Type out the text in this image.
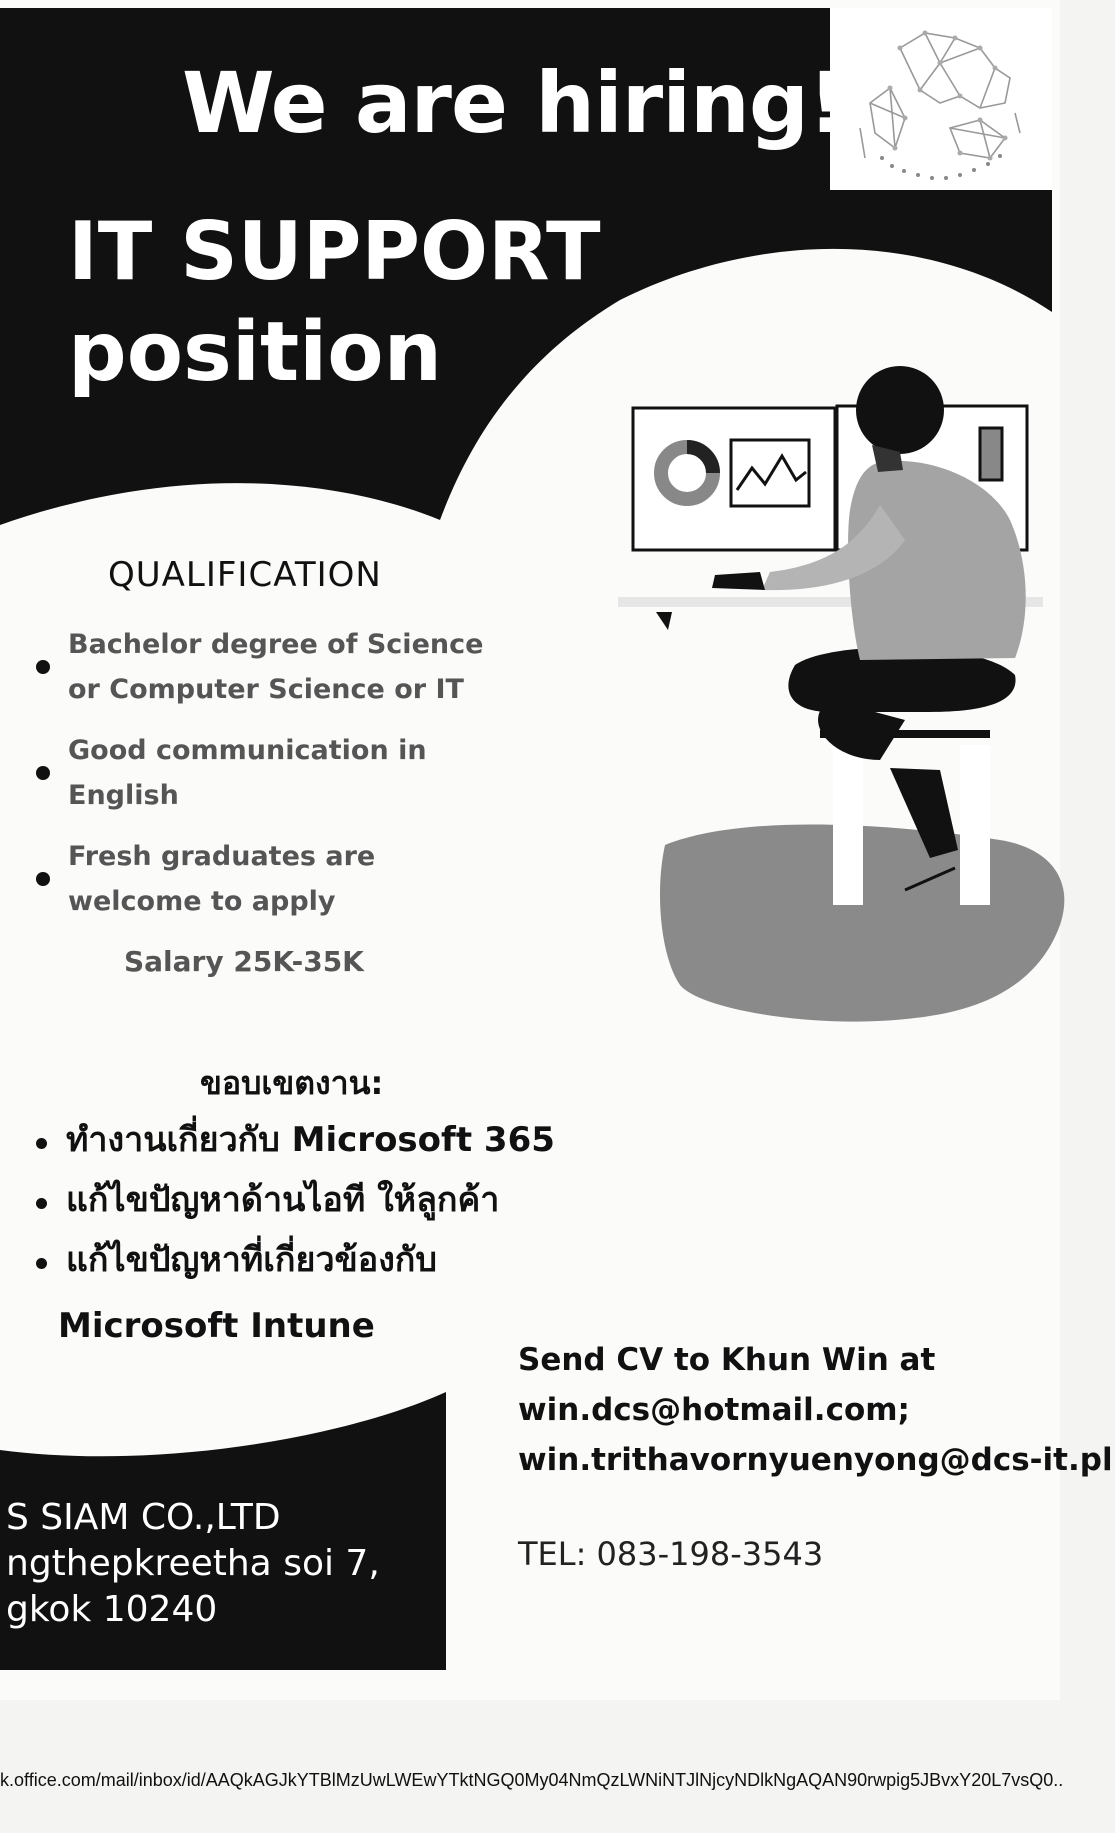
We are hiring!
IT SUPPORT
position
QUALIFICATION
Bachelor degree of Science
or Computer Science or IT
Good communication in
English
Fresh graduates are
welcome to apply
Salary 25K-35K
ขอบเขตงาน:
ทำงานเกี่ยวกับ Microsoft 365
แก้ไขปัญหาด้านไอที ให้ลูกค้า
แก้ไขปัญหาที่เกี่ยวข้องกับ
Microsoft Intune
Send CV to Khun Win at
win.dcs@hotmail.com;
win.trithavornyuenyong@dcs-it.pl
TEL: 083-198-3543
S SIAM CO.,LTD
ngthepkreetha soi 7,
gkok 10240
k.office.com/mail/inbox/id/AAQkAGJkYTBlMzUwLWEwYTktNGQ0My04NmQzLWNiNTJlNjcyNDlkNgAQAN90rwpig5JBvxY20L7vsQ0..
